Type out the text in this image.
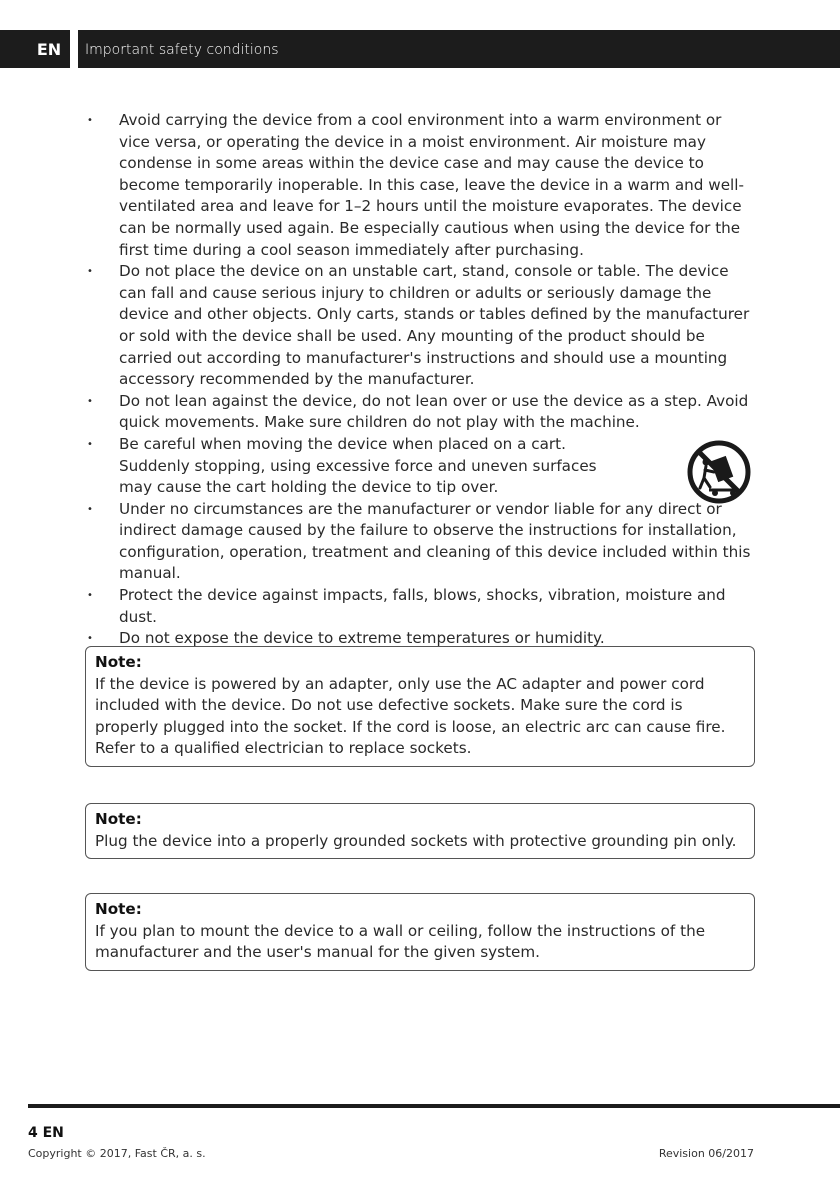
EN	Important safety conditions
• Avoid carrying the device from a cool environment into a warm environment or vice versa, or operating the device in a moist environment. Air moisture may condense in some areas within the device case and may cause the device to become temporarily inoperable. In this case, leave the device in a warm and well-ventilated area and leave for 1–2 hours until the moisture evaporates. The device can be normally used again. Be especially cautious when using the device for the first time during a cool season immediately after purchasing.
• Do not place the device on an unstable cart, stand, console or table. The device can fall and cause serious injury to children or adults or seriously damage the device and other objects. Only carts, stands or tables defined by the manufacturer or sold with the device shall be used. Any mounting of the product should be carried out according to manufacturer's instructions and should use a mounting accessory recommended by the manufacturer.
• Do not lean against the device, do not lean over or use the device as a step. Avoid quick movements. Make sure children do not play with the machine.
• Be careful when moving the device when placed on a cart. Suddenly stopping, using excessive force and uneven surfaces may cause the cart holding the device to tip over.
• Under no circumstances are the manufacturer or vendor liable for any direct or indirect damage caused by the failure to observe the instructions for installation, configuration, operation, treatment and cleaning of this device included within this manual.
• Protect the device against impacts, falls, blows, shocks, vibration, moisture and dust.
• Do not expose the device to extreme temperatures or humidity.
Note:
If the device is powered by an adapter, only use the AC adapter and power cord included with the device. Do not use defective sockets. Make sure the cord is properly plugged into the socket. If the cord is loose, an electric arc can cause fire. Refer to a qualified electrician to replace sockets.
Note:
Plug the device into a properly grounded sockets with protective grounding pin only.
Note:
If you plan to mount the device to a wall or ceiling, follow the instructions of the manufacturer and the user's manual for the given system.
4 EN
Copyright © 2017, Fast ČR, a. s.	Revision 06/2017
